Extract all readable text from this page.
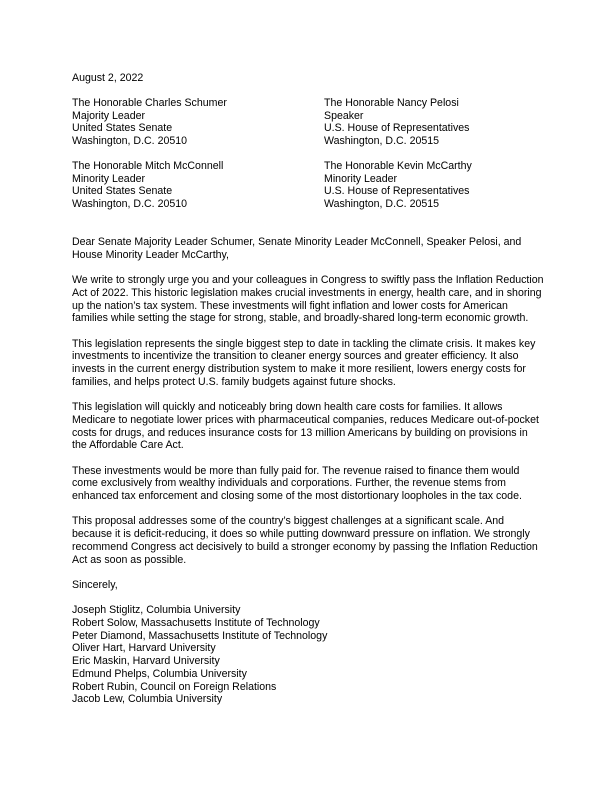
August 2, 2022
The Honorable Charles Schumer
Majority Leader
United States Senate
Washington, D.C. 20510
The Honorable Nancy Pelosi
Speaker
U.S. House of Representatives
Washington, D.C. 20515
The Honorable Mitch McConnell
Minority Leader
United States Senate
Washington, D.C. 20510
The Honorable Kevin McCarthy
Minority Leader
U.S. House of Representatives
Washington, D.C. 20515

Dear Senate Majority Leader Schumer, Senate Minority Leader McConnell, Speaker Pelosi, and House Minority Leader McCarthy,

We write to strongly urge you and your colleagues in Congress to swiftly pass the Inflation Reduction Act of 2022. This historic legislation makes crucial investments in energy, health care, and in shoring up the nation’s tax system. These investments will fight inflation and lower costs for American families while setting the stage for strong, stable, and broadly-shared long-term economic growth.

This legislation represents the single biggest step to date in tackling the climate crisis. It makes key investments to incentivize the transition to cleaner energy sources and greater efficiency. It also invests in the current energy distribution system to make it more resilient, lowers energy costs for families, and helps protect U.S. family budgets against future shocks.

This legislation will quickly and noticeably bring down health care costs for families. It allows Medicare to negotiate lower prices with pharmaceutical companies, reduces Medicare out-of-pocket costs for drugs, and reduces insurance costs for 13 million Americans by building on provisions in the Affordable Care Act.

These investments would be more than fully paid for. The revenue raised to finance them would come exclusively from wealthy individuals and corporations. Further, the revenue stems from enhanced tax enforcement and closing some of the most distortionary loopholes in the tax code.

This proposal addresses some of the country’s biggest challenges at a significant scale. And because it is deficit-reducing, it does so while putting downward pressure on inflation. We strongly recommend Congress act decisively to build a stronger economy by passing the Inflation Reduction Act as soon as possible.

Sincerely,

Joseph Stiglitz, Columbia University
Robert Solow, Massachusetts Institute of Technology
Peter Diamond, Massachusetts Institute of Technology
Oliver Hart, Harvard University
Eric Maskin, Harvard University
Edmund Phelps, Columbia University
Robert Rubin, Council on Foreign Relations
Jacob Lew, Columbia University
